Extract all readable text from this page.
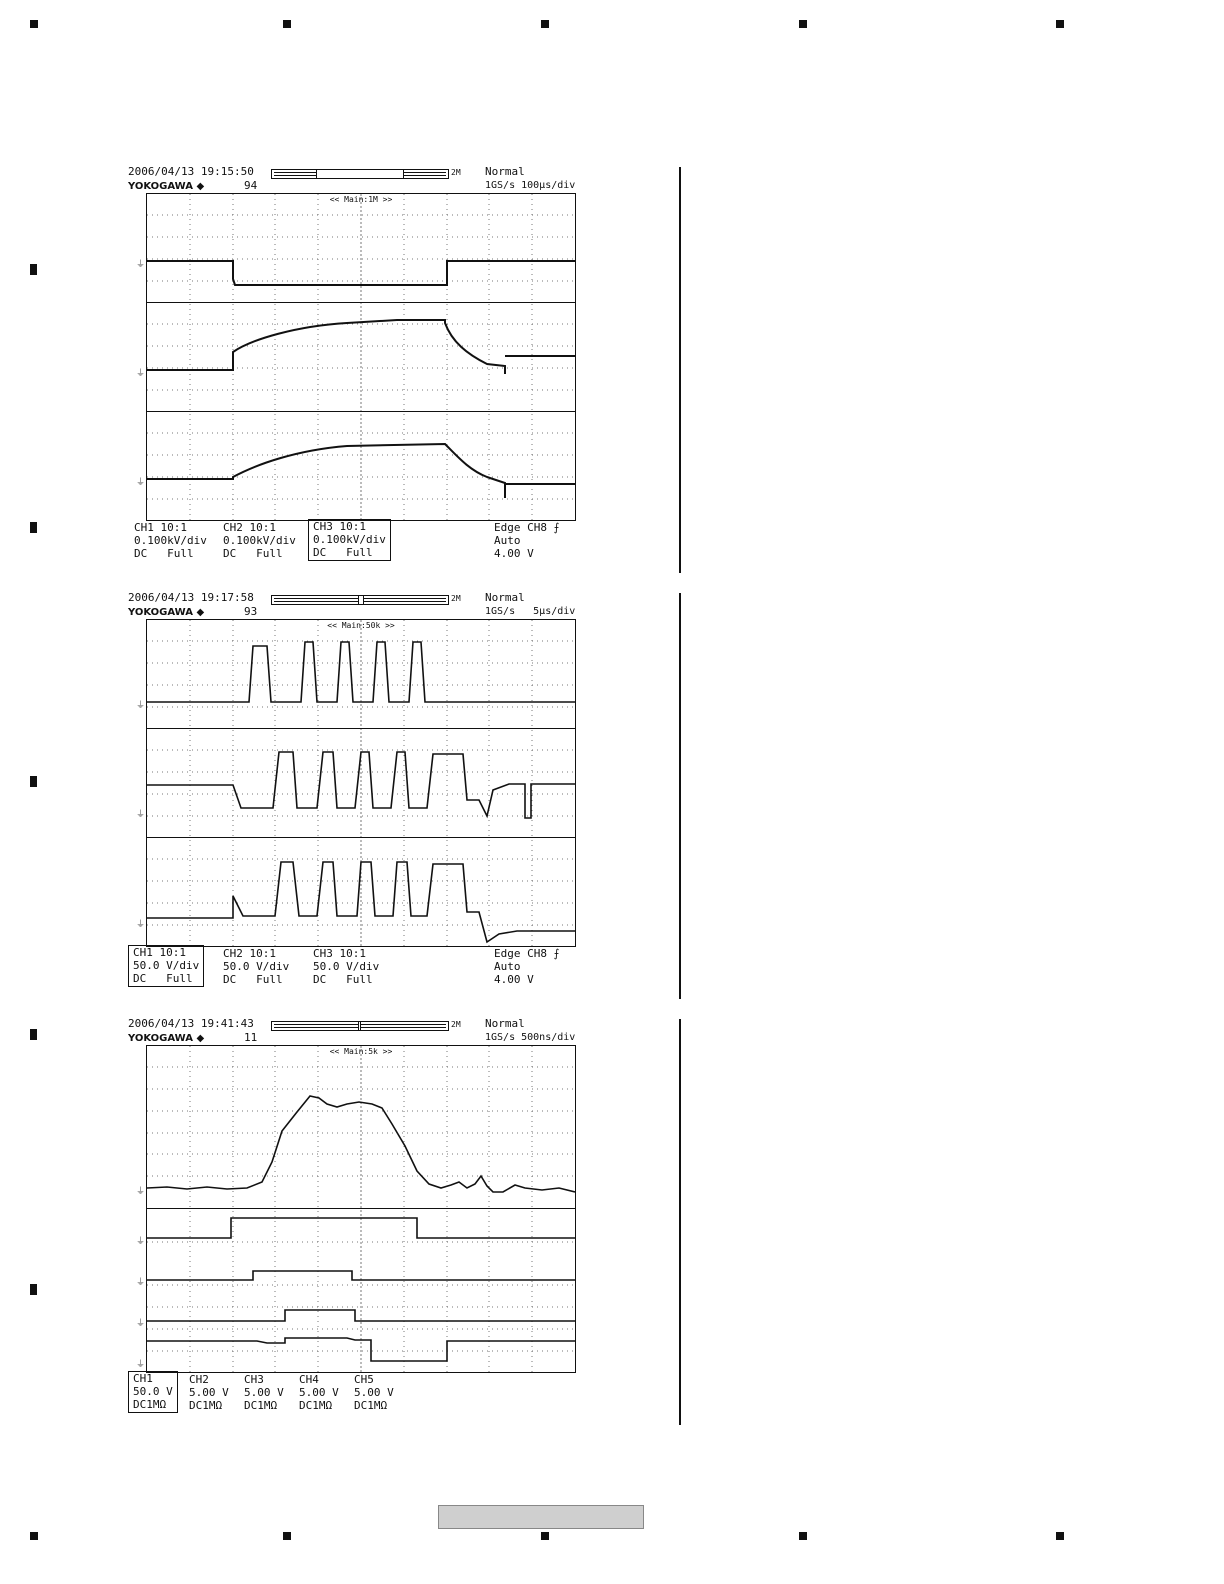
2006/04/13 19:15:50
YOKOGAWA ◆	94
2M Normal
1GS/s 100µs/div
<< Main:1M >>
⏚
⏚
⏚
CH1 10:1
0.100kV/div
DC   Full
CH2 10:1
0.100kV/div
DC   Full
CH3 10:1
0.100kV/div
DC   Full
Edge CH8 ⨍
Auto
4.00 V
2006/04/13 19:17:58
YOKOGAWA ◆	93
2M Normal
1GS/s   5µs/div
<< Main:50k >>
⏚
⏚
⏚
CH1 10:1
50.0 V/div
DC   Full
CH2 10:1
50.0 V/div
DC   Full
CH3 10:1
50.0 V/div
DC   Full
Edge CH8 ⨍
Auto
4.00 V
2006/04/13 19:41:43
YOKOGAWA ◆	11
2M Normal
1GS/s 500ns/div
<< Main:5k >>
⏚
⏚
⏚
⏚
⏚
CH1
50.0 V
DC1MΩ
CH2
5.00 V
DC1MΩ
CH3
5.00 V
DC1MΩ
CH4
5.00 V
DC1MΩ
CH5
5.00 V
DC1MΩ
